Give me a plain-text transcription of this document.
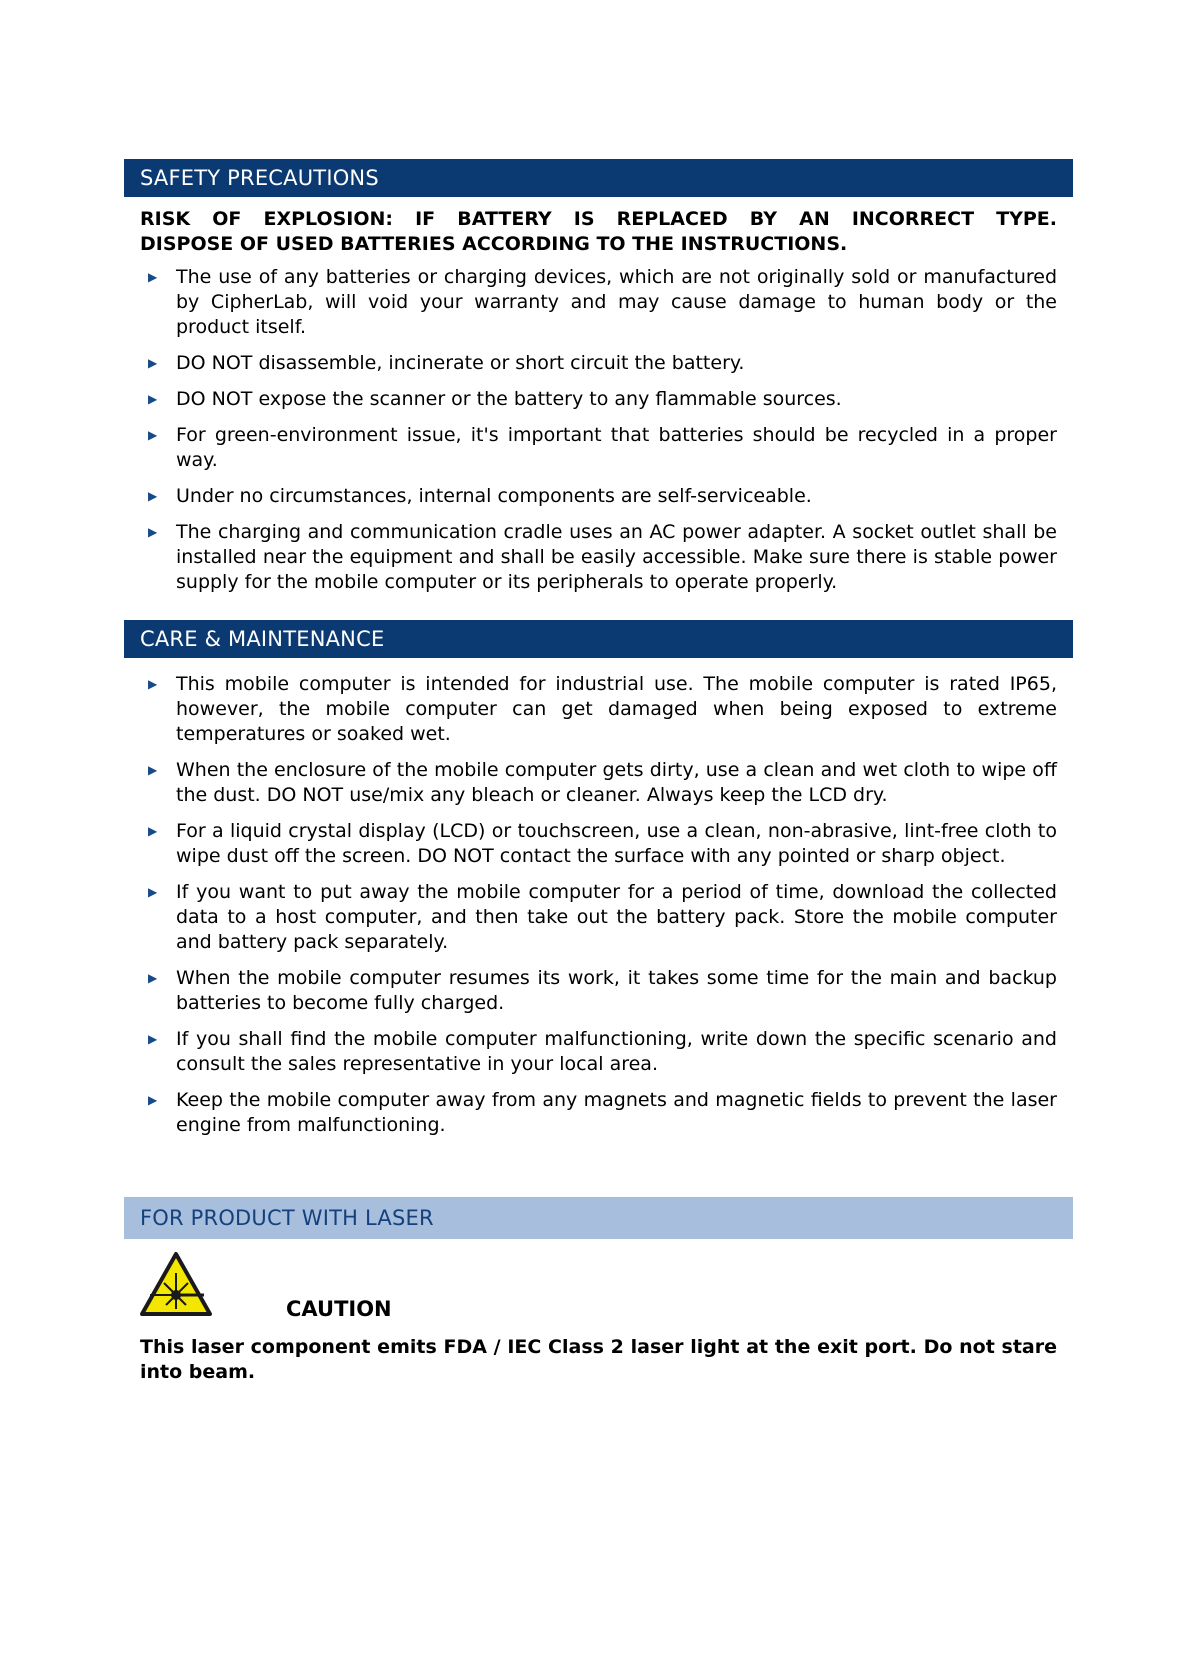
SAFETY PRECAUTIONS
RISK OF EXPLOSION: IF BATTERY IS REPLACED BY AN INCORRECT TYPE.
DISPOSE OF USED BATTERIES ACCORDING TO THE INSTRUCTIONS.
▶ The use of any batteries or charging devices, which are not originally sold or manufactured by CipherLab, will void your warranty and may cause damage to human body or the product itself.
▶ DO NOT disassemble, incinerate or short circuit the battery.
▶ DO NOT expose the scanner or the battery to any flammable sources.
▶ For green-environment issue, it's important that batteries should be recycled in a proper way.
▶ Under no circumstances, internal components are self-serviceable.
▶ The charging and communication cradle uses an AC power adapter. A socket outlet shall be installed near the equipment and shall be easily accessible. Make sure there is stable power supply for the mobile computer or its peripherals to operate properly.
CARE & MAINTENANCE
▶ This mobile computer is intended for industrial use. The mobile computer is rated IP65, however, the mobile computer can get damaged when being exposed to extreme temperatures or soaked wet.
▶ When the enclosure of the mobile computer gets dirty, use a clean and wet cloth to wipe off the dust. DO NOT use/mix any bleach or cleaner. Always keep the LCD dry.
▶ For a liquid crystal display (LCD) or touchscreen, use a clean, non-abrasive, lint-free cloth to wipe dust off the screen. DO NOT contact the surface with any pointed or sharp object.
▶ If you want to put away the mobile computer for a period of time, download the collected data to a host computer, and then take out the battery pack. Store the mobile computer and battery pack separately.
▶ When the mobile computer resumes its work, it takes some time for the main and backup batteries to become fully charged.
▶ If you shall find the mobile computer malfunctioning, write down the specific scenario and consult the sales representative in your local area.
▶ Keep the mobile computer away from any magnets and magnetic fields to prevent the laser engine from malfunctioning.
FOR PRODUCT WITH LASER
CAUTION
This laser component emits FDA / IEC Class 2 laser light at the exit port. Do not stare into beam.
